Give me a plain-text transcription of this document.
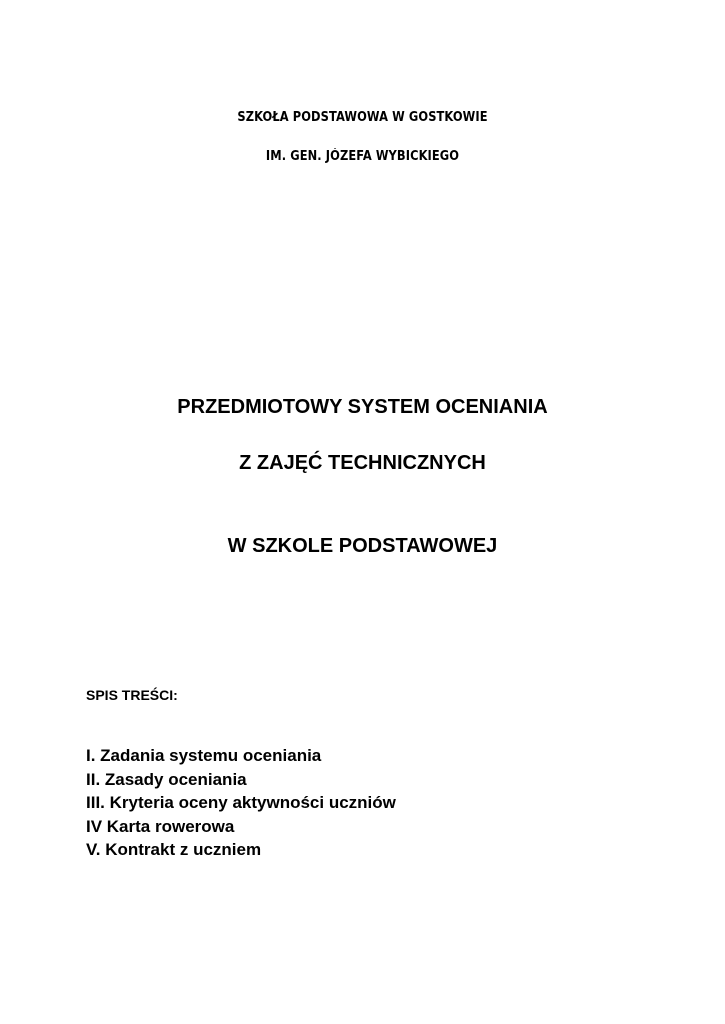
SZKOŁA PODSTAWOWA W GOSTKOWIE
IM. GEN. JÓZEFA WYBICKIEGO
PRZEDMIOTOWY SYSTEM OCENIANIA
Z ZAJĘĆ TECHNICZNYCH
W SZKOLE PODSTAWOWEJ
SPIS TREŚCI:
I. Zadania systemu oceniania
II. Zasady oceniania
III. Kryteria oceny aktywności uczniów
IV Karta rowerowa
V. Kontrakt z uczniem
